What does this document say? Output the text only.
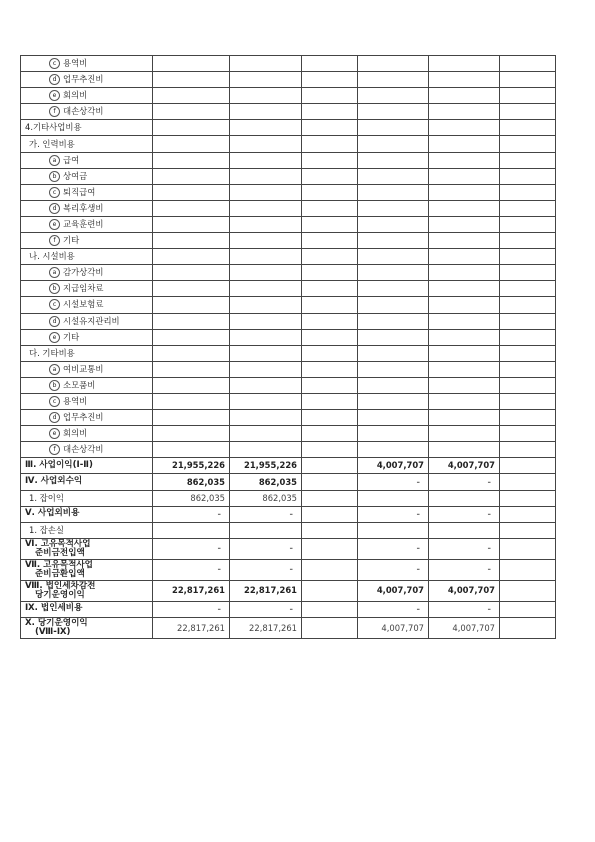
c 용역비						
d 업무추진비						
e 회의비						
f 대손상각비						
4.기타사업비용						
가. 인력비용						
a 급여						
b 상여금						
c 퇴직급여						
d 복리후생비						
e 교육훈련비						
f 기타						
나. 시설비용						
a 감가상각비						
b 지급임차료						
c 시설보험료						
d 시설유지관리비						
e 기타						
다. 기타비용						
a 여비교통비						
b 소모품비						
c 용역비						
d 업무추진비						
e 회의비						
f 대손상각비						
Ⅲ. 사업이익(Ⅰ-Ⅱ)	21,955,226	21,955,226		4,007,707	4,007,707	
Ⅳ. 사업외수익	862,035	862,035		-	-	
1. 잡이익	862,035	862,035				
Ⅴ. 사업외비용	-	-		-	-	
1. 잡손실						

Ⅵ. 고유목적사업
준비금전입액	-	-		-	-	

Ⅶ. 고유목적사업
준비금환입액	-	-		-	-	

Ⅷ. 법인세차감전
당기운영이익	22,817,261	22,817,261		4,007,707	4,007,707	
Ⅸ. 법인세비용	-	-		-	-	

Ⅹ. 당기운영이익
(Ⅷ-Ⅸ)	22,817,261	22,817,261		4,007,707	4,007,707	
